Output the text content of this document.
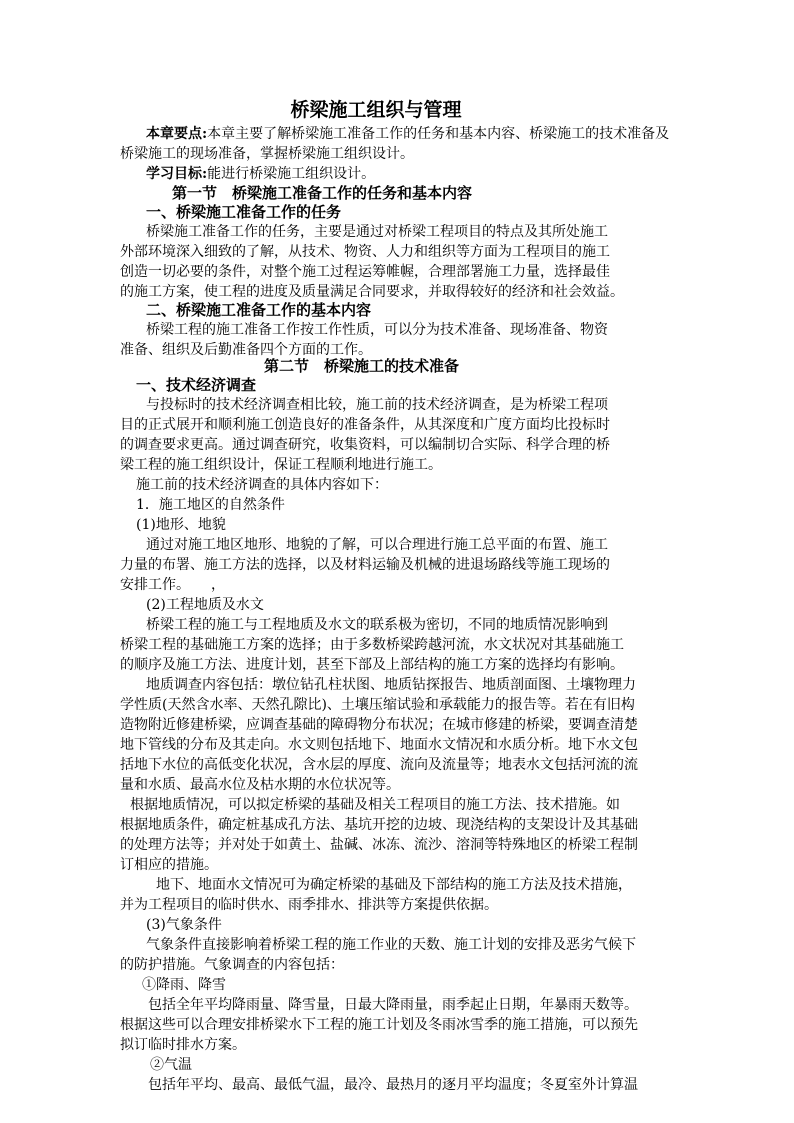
桥梁施工组织与管理
本章要点:本章主要了解桥梁施工准备工作的任务和基本内容、桥梁施工的技术准备及
桥梁施工的现场准备，掌握桥梁施工组织设计。
学习目标:能进行桥梁施工组织设计。
第一节　桥梁施工准备工作的任务和基本内容
一、桥梁施工准备工作的任务
桥梁施工准备工作的任务，主要是通过对桥梁工程项目的特点及其所处施工
外部环境深入细致的了解，从技术、物资、人力和组织等方面为工程项目的施工
创造一切必要的条件，对整个施工过程运筹帷幄，合理部署施工力量，选择最佳
的施工方案，使工程的进度及质量满足合同要求，并取得较好的经济和社会效益。
二、桥梁施工准备工作的基本内容
桥梁工程的施工准备工作按工作性质，可以分为技术准备、现场准备、物资
准备、组织及后勤准备四个方面的工作。
第二节　桥梁施工的技术准备
一、技术经济调查
与投标时的技术经济调查相比较，施工前的技术经济调查，是为桥梁工程项
目的正式展开和顺利施工创造良好的准备条件，从其深度和广度方面均比投标时
的调查要求更高。通过调查研究，收集资料，可以编制切合实际、科学合理的桥
梁工程的施工组织设计，保证工程顺利地进行施工。
施工前的技术经济调查的具体内容如下：
1．施工地区的自然条件
(1)地形、地貌
通过对施工地区地形、地貌的了解，可以合理进行施工总平面的布置、施工
力量的布署、施工方法的选择，以及材料运输及机械的进退场路线等施工现场的
安排工作。　　，
(2)工程地质及水文
桥梁工程的施工与工程地质及水文的联系极为密切，不同的地质情况影响到
桥梁工程的基础施工方案的选择；由于多数桥梁跨越河流，水文状况对其基础施工
的顺序及施工方法、进度计划，甚至下部及上部结构的施工方案的选择均有影响。
地质调查内容包括：墩位钻孔柱状图、地质钻探报告、地质剖面图、土壤物理力
学性质(天然含水率、天然孔隙比)、土壤压缩试验和承载能力的报告等。若在有旧构
造物附近修建桥梁，应调查基础的障碍物分布状况；在城市修建的桥梁，要调查清楚
地下管线的分布及其走向。水文则包括地下、地面水文情况和水质分析。地下水文包
括地下水位的高低变化状况，含水层的厚度、流向及流量等；地表水文包括河流的流
量和水质、最高水位及枯水期的水位状况等。
根据地质情况，可以拟定桥梁的基础及相关工程项目的施工方法、技术措施。如
根据地质条件，确定桩基成孔方法、基坑开挖的边坡、现浇结构的支架设计及其基础
的处理方法等；并对处于如黄土、盐碱、冰冻、流沙、溶洞等特殊地区的桥梁工程制
订相应的措施。
地下、地面水文情况可为确定桥梁的基础及下部结构的施工方法及技术措施，
并为工程项目的临时供水、雨季排水、排洪等方案提供依据。
(3)气象条件
气象条件直接影响着桥梁工程的施工作业的天数、施工计划的安排及恶劣气候下
的防护措施。气象调查的内容包括：
①降雨、降雪
包括全年平均降雨量、降雪量，日最大降雨量，雨季起止日期，年暴雨天数等。
根据这些可以合理安排桥梁水下工程的施工计划及冬雨冰雪季的施工措施，可以预先
拟订临时排水方案。
②气温
包括年平均、最高、最低气温，最冷、最热月的逐月平均温度；冬夏室外计算温
